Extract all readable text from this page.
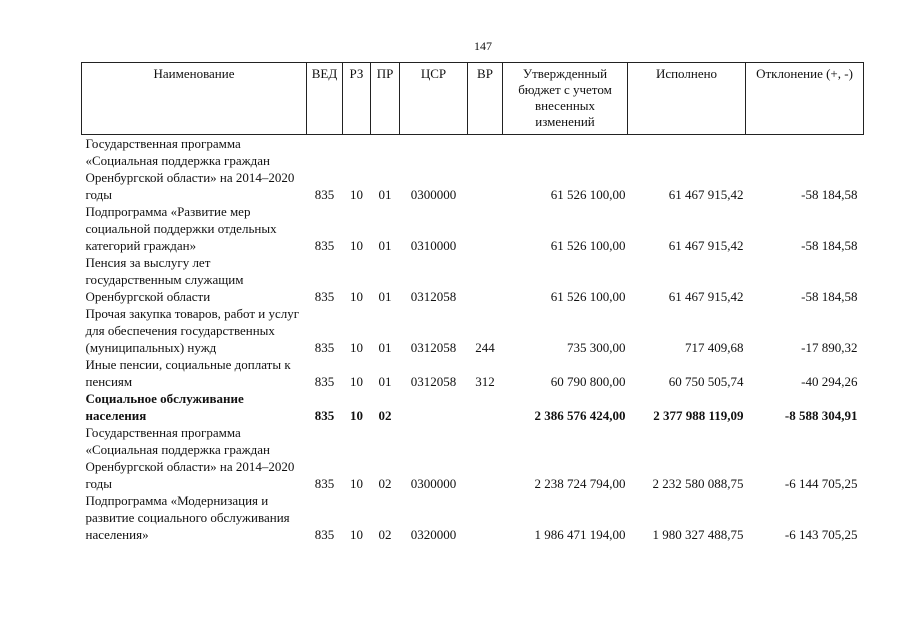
147
Наименование	ВЕД	РЗ	ПР	ЦСР	ВР	Утвержденный бюджет с учетом внесенных изменений	Исполнено	Отклонение (+, -)
Государственная программа «Социальная поддержка граждан Оренбургской области» на 2014–2020 годы	835	10	01	0300000		61 526 100,00	61 467 915,42	-58 184,58
Подпрограмма «Развитие мер социальной поддержки отдельных категорий граждан»	835	10	01	0310000		61 526 100,00	61 467 915,42	-58 184,58
Пенсия за выслугу лет государственным служащим Оренбургской области	835	10	01	0312058		61 526 100,00	61 467 915,42	-58 184,58
Прочая закупка товаров, работ и услуг для обеспечения государственных (муниципальных) нужд	835	10	01	0312058	244	735 300,00	717 409,68	-17 890,32
Иные пенсии, социальные доплаты к пенсиям	835	10	01	0312058	312	60 790 800,00	60 750 505,74	-40 294,26
Социальное обслуживание населения	835	10	02			2 386 576 424,00	2 377 988 119,09	-8 588 304,91
Государственная программа «Социальная поддержка граждан Оренбургской области» на 2014–2020 годы	835	10	02	0300000		2 238 724 794,00	2 232 580 088,75	-6 144 705,25
Подпрограмма «Модернизация и развитие социального обслуживания населения»	835	10	02	0320000		1 986 471 194,00	1 980 327 488,75	-6 143 705,25
